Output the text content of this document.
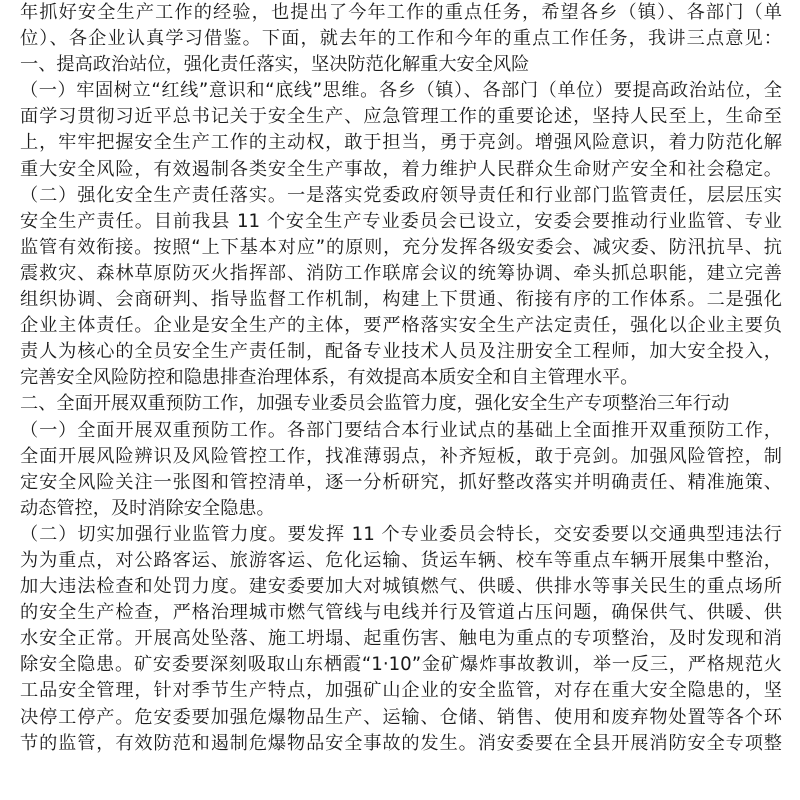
年抓好安全生产工作的经验，也提出了今年工作的重点任务，希望各乡（镇）、各部门（单
位）、各企业认真学习借鉴。下面，就去年的工作和今年的重点工作任务，我讲三点意见：
一、提高政治站位，强化责任落实，坚决防范化解重大安全风险
（一）牢固树立“红线”意识和“底线”思维。各乡（镇）、各部门（单位）要提高政治站位，全
面学习贯彻习近平总书记关于安全生产、应急管理工作的重要论述，坚持人民至上，生命至
上，牢牢把握安全生产工作的主动权，敢于担当，勇于亮剑。增强风险意识，着力防范化解
重大安全风险，有效遏制各类安全生产事故，着力维护人民群众生命财产安全和社会稳定。
（二）强化安全生产责任落实。一是落实党委政府领导责任和行业部门监管责任，层层压实
安全生产责任。目前我县 11 个安全生产专业委员会已设立，安委会要推动行业监管、专业
监管有效衔接。按照“上下基本对应”的原则，充分发挥各级安委会、减灾委、防汛抗旱、抗
震救灾、森林草原防灭火指挥部、消防工作联席会议的统筹协调、牵头抓总职能，建立完善
组织协调、会商研判、指导监督工作机制，构建上下贯通、衔接有序的工作体系。二是强化
企业主体责任。企业是安全生产的主体，要严格落实安全生产法定责任，强化以企业主要负
责人为核心的全员安全生产责任制，配备专业技术人员及注册安全工程师，加大安全投入，
完善安全风险防控和隐患排查治理体系，有效提高本质安全和自主管理水平。
二、全面开展双重预防工作，加强专业委员会监管力度，强化安全生产专项整治三年行动
（一）全面开展双重预防工作。各部门要结合本行业试点的基础上全面推开双重预防工作，
全面开展风险辨识及风险管控工作，找准薄弱点，补齐短板，敢于亮剑。加强风险管控，制
定安全风险关注一张图和管控清单，逐一分析研究，抓好整改落实并明确责任、精准施策、
动态管控，及时消除安全隐患。
（二）切实加强行业监管力度。要发挥 11 个专业委员会特长，交安委要以交通典型违法行
为为重点，对公路客运、旅游客运、危化运输、货运车辆、校车等重点车辆开展集中整治，
加大违法检查和处罚力度。建安委要加大对城镇燃气、供暖、供排水等事关民生的重点场所
的安全生产检查，严格治理城市燃气管线与电线并行及管道占压问题，确保供气、供暖、供
水安全正常。开展高处坠落、施工坍塌、起重伤害、触电为重点的专项整治，及时发现和消
除安全隐患。矿安委要深刻吸取山东栖霞“1·10”金矿爆炸事故教训，举一反三，严格规范火
工品安全管理，针对季节生产特点，加强矿山企业的安全监管，对存在重大安全隐患的，坚
决停工停产。危安委要加强危爆物品生产、运输、仓储、销售、使用和废弃物处置等各个环
节的监管，有效防范和遏制危爆物品安全事故的发生。消安委要在全县开展消防安全专项整
